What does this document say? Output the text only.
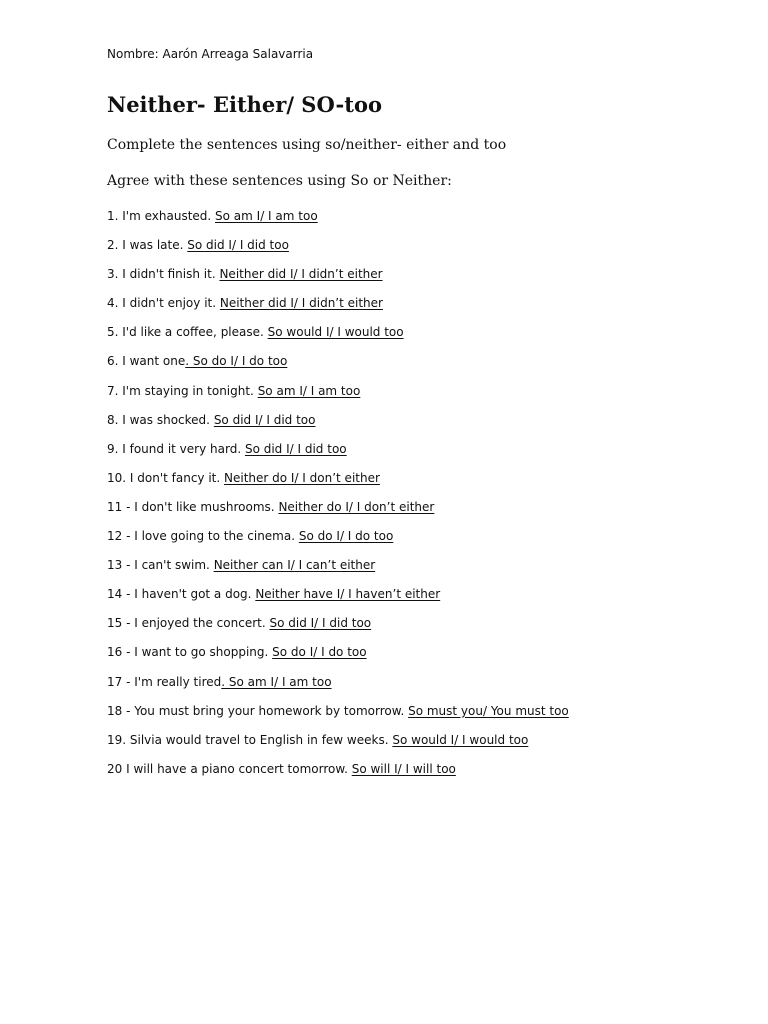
Nombre: Aarón Arreaga Salavarria
Neither- Either/ SO-too
Complete the sentences using so/neither- either and too
Agree with these sentences using So or Neither:
1. I'm exhausted. So am I/ I am too
2. I was late. So did I/ I did too
3. I didn't finish it. Neither did I/ I didn’t either
4. I didn't enjoy it. Neither did I/ I didn’t either
5. I'd like a coffee, please. So would I/ I would too
6. I want one. So do I/ I do too
7. I'm staying in tonight. So am I/ I am too
8. I was shocked. So did I/ I did too
9. I found it very hard. So did I/ I did too
10. I don't fancy it. Neither do I/ I don’t either
11 - I don't like mushrooms. Neither do I/ I don’t either
12 - I love going to the cinema. So do I/ I do too
13 - I can't swim. Neither can I/ I can’t either
14 - I haven't got a dog. Neither have I/ I haven’t either
15 - I enjoyed the concert. So did I/ I did too
16 - I want to go shopping. So do I/ I do too
17 - I'm really tired. So am I/ I am too
18 - You must bring your homework by tomorrow. So must you/ You must too
19. Silvia would travel to English in few weeks. So would I/ I would too
20 I will have a piano concert tomorrow. So will I/ I will too
